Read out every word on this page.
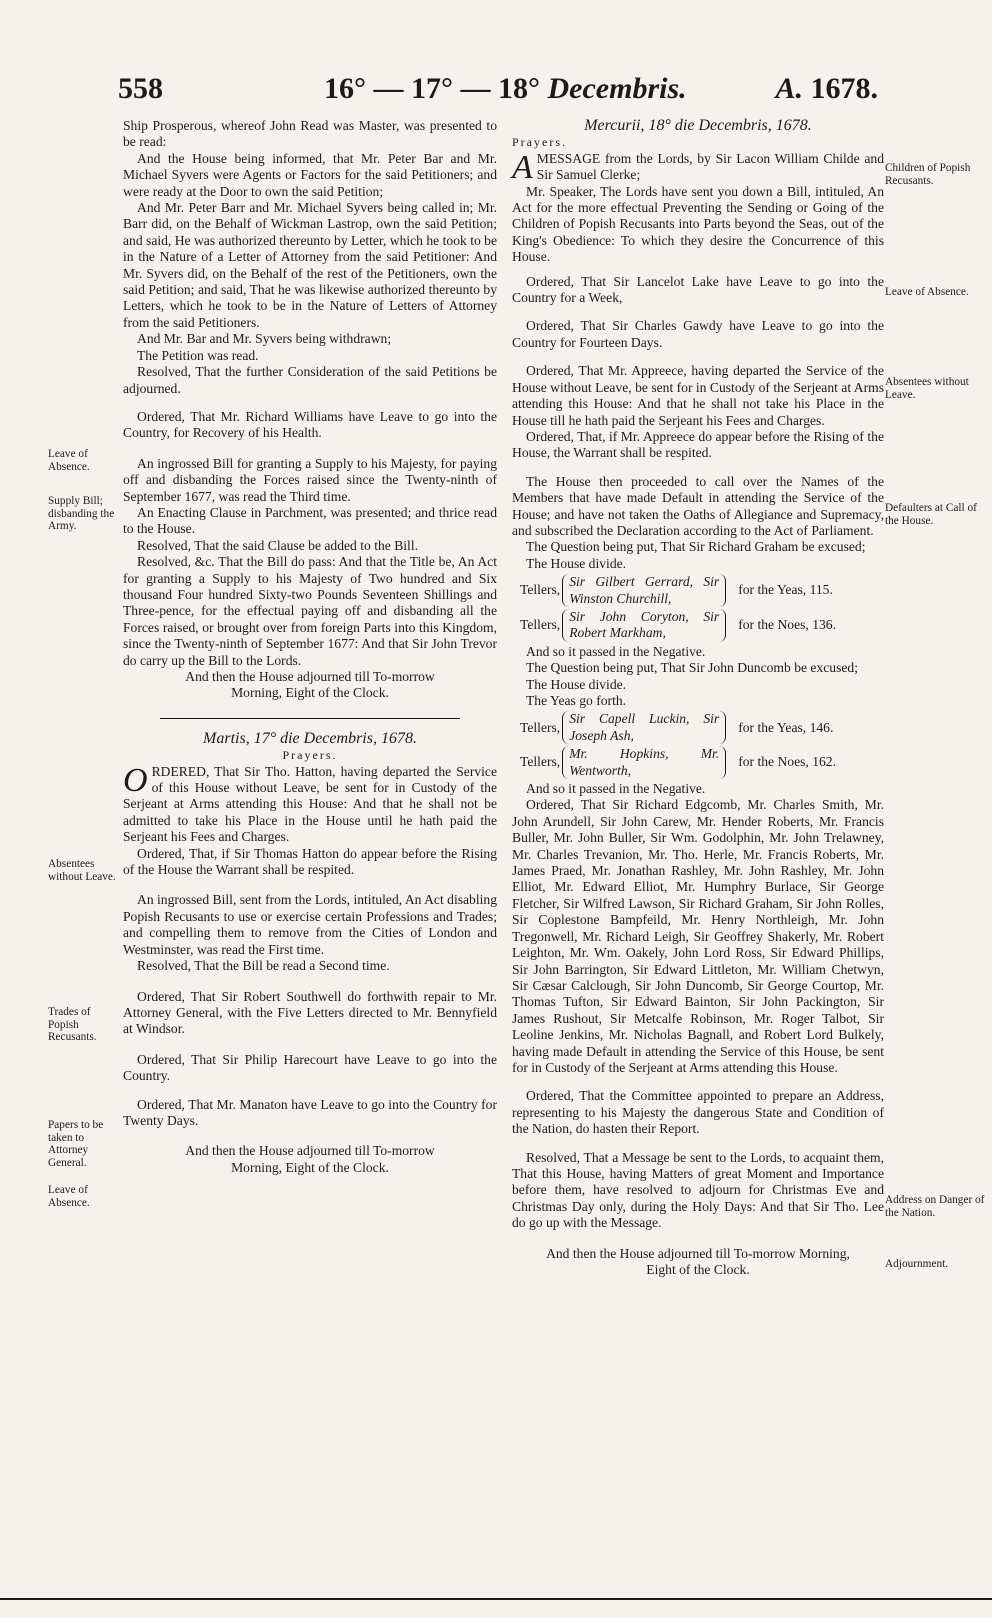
558	16° — 17° — 18° Decembris.	A. 1678.

Ship Prosperous, whereof John Read was Master, was presented to be read:

And the House being informed, that Mr. Peter Bar and Mr. Michael Syvers were Agents or Factors for the said Petitioners; and were ready at the Door to own the said Petition;

And Mr. Peter Barr and Mr. Michael Syvers being called in; Mr. Barr did, on the Behalf of Wickman Lastrop, own the said Petition; and said, He was authorized thereunto by Letter, which he took to be in the Nature of a Letter of Attorney from the said Petitioner: And Mr. Syvers did, on the Behalf of the rest of the Petitioners, own the said Petition; and said, That he was likewise authorized thereunto by Letters, which he took to be in the Nature of Letters of Attorney from the said Petitioners.

And Mr. Bar and Mr. Syvers being withdrawn;

The Petition was read.

Resolved, That the further Consideration of the said Petitions be adjourned.

Ordered, That Mr. Richard Williams have Leave to go into the Country, for Recovery of his Health.

An ingrossed Bill for granting a Supply to his Majesty, for paying off and disbanding the Forces raised since the Twenty-ninth of September 1677, was read the Third time.

An Enacting Clause in Parchment, was presented; and thrice read to the House.

Resolved, That the said Clause be added to the Bill.

Resolved, &c. That the Bill do pass: And that the Title be, An Act for granting a Supply to his Majesty of Two hundred and Six thousand Four hundred Sixty-two Pounds Seventeen Shillings and Three-pence, for the effectual paying off and disbanding all the Forces raised, or brought over from foreign Parts into this Kingdom, since the Twenty-ninth of September 1677: And that Sir John Trevor do carry up the Bill to the Lords.

And then the House adjourned till To-morrow Morning, Eight of the Clock.

Martis, 17° die Decembris, 1678.

Prayers.

ORDERED, That Sir Tho. Hatton, having departed the Service of this House without Leave, be sent for in Custody of the Serjeant at Arms attending this House: And that he shall not be admitted to take his Place in the House until he hath paid the Serjeant his Fees and Charges.

Ordered, That, if Sir Thomas Hatton do appear before the Rising of the House the Warrant shall be respited.

An ingrossed Bill, sent from the Lords, intituled, An Act disabling Popish Recusants to use or exercise certain Professions and Trades; and compelling them to remove from the Cities of London and Westminster, was read the First time.

Resolved, That the Bill be read a Second time.

Ordered, That Sir Robert Southwell do forthwith repair to Mr. Attorney General, with the Five Letters directed to Mr. Bennyfield at Windsor.

Ordered, That Sir Philip Harecourt have Leave to go into the Country.

Ordered, That Mr. Manaton have Leave to go into the Country for Twenty Days.

And then the House adjourned till To-morrow Morning, Eight of the Clock.

Mercurii, 18° die Decembris, 1678.

Prayers.

AMESSAGE from the Lords, by Sir Lacon William Childe and Sir Samuel Clerke;

Mr. Speaker, The Lords have sent you down a Bill, intituled, An Act for the more effectual Preventing the Sending or Going of the Children of Popish Recusants into Parts beyond the Seas, out of the King's Obedience: To which they desire the Concurrence of this House.

Ordered, That Sir Lancelot Lake have Leave to go into the Country for a Week,

Ordered, That Sir Charles Gawdy have Leave to go into the Country for Fourteen Days.

Ordered, That Mr. Appreece, having departed the Service of the House without Leave, be sent for in Custody of the Serjeant at Arms attending this House: And that he shall not take his Place in the House till he hath paid the Serjeant his Fees and Charges.

Ordered, That, if Mr. Appreece do appear before the Rising of the House, the Warrant shall be respited.

The House then proceeded to call over the Names of the Members that have made Default in attending the Service of the House; and have not taken the Oaths of Allegiance and Supremacy, and subscribed the Declaration according to the Act of Parliament.

The Question being put, That Sir Richard Graham be excused;

The House divide.

Tellers,
Sir Gilbert Gerrard, Sir Winston Churchill,
for the Yeas, 115.
Tellers,
Sir John Coryton, Sir Robert Markham,
for the Noes, 136.

And so it passed in the Negative.

The Question being put, That Sir John Duncomb be excused;

The House divide.

The Yeas go forth.

Tellers,
Sir Capell Luckin, Sir Joseph Ash,
for the Yeas, 146.
Tellers,
Mr. Hopkins, Mr. Wentworth,
for the Noes, 162.

And so it passed in the Negative.

Ordered, That Sir Richard Edgcomb, Mr. Charles Smith, Mr. John Arundell, Sir John Carew, Mr. Hender Roberts, Mr. Francis Buller, Mr. John Buller, Sir Wm. Godolphin, Mr. John Trelawney, Mr. Charles Trevanion, Mr. Tho. Herle, Mr. Francis Roberts, Mr. James Praed, Mr. Jonathan Rashley, Mr. John Rashley, Mr. John Elliot, Mr. Edward Elliot, Mr. Humphry Burlace, Sir George Fletcher, Sir Wilfred Lawson, Sir Richard Graham, Sir John Rolles, Sir Coplestone Bampfeild, Mr. Henry Northleigh, Mr. John Tregonwell, Mr. Richard Leigh, Sir Geoffrey Shakerly, Mr. Robert Leighton, Mr. Wm. Oakely, John Lord Ross, Sir Edward Phillips, Sir John Barrington, Sir Edward Littleton, Mr. William Chetwyn, Sir Cæsar Calclough, Sir John Duncomb, Sir George Courtop, Mr. Thomas Tufton, Sir Edward Bainton, Sir John Packington, Sir James Rushout, Sir Metcalfe Robinson, Mr. Roger Talbot, Sir Leoline Jenkins, Mr. Nicholas Bagnall, and Robert Lord Bulkely, having made Default in attending the Service of this House, be sent for in Custody of the Serjeant at Arms attending this House.

Ordered, That the Committee appointed to prepare an Address, representing to his Majesty the dangerous State and Condition of the Nation, do hasten their Report.

Resolved, That a Message be sent to the Lords, to acquaint them, That this House, having Matters of great Moment and Importance before them, have resolved to adjourn for Christmas Eve and Christmas Day only, during the Holy Days: And that Sir Tho. Lee do go up with the Message.

And then the House adjourned till To-morrow Morning, Eight of the Clock.

Leave of Absence.
Supply Bill; disbanding the Army.
Absentees without Leave.
Trades of Popish Recusants.
Papers to be taken to Attorney General.
Leave of Absence.
Children of Popish Recusants.
Leave of Absence.
Absentees without Leave.
Defaulters at Call of the House.
Address on Danger of the Nation.
Adjournment.
